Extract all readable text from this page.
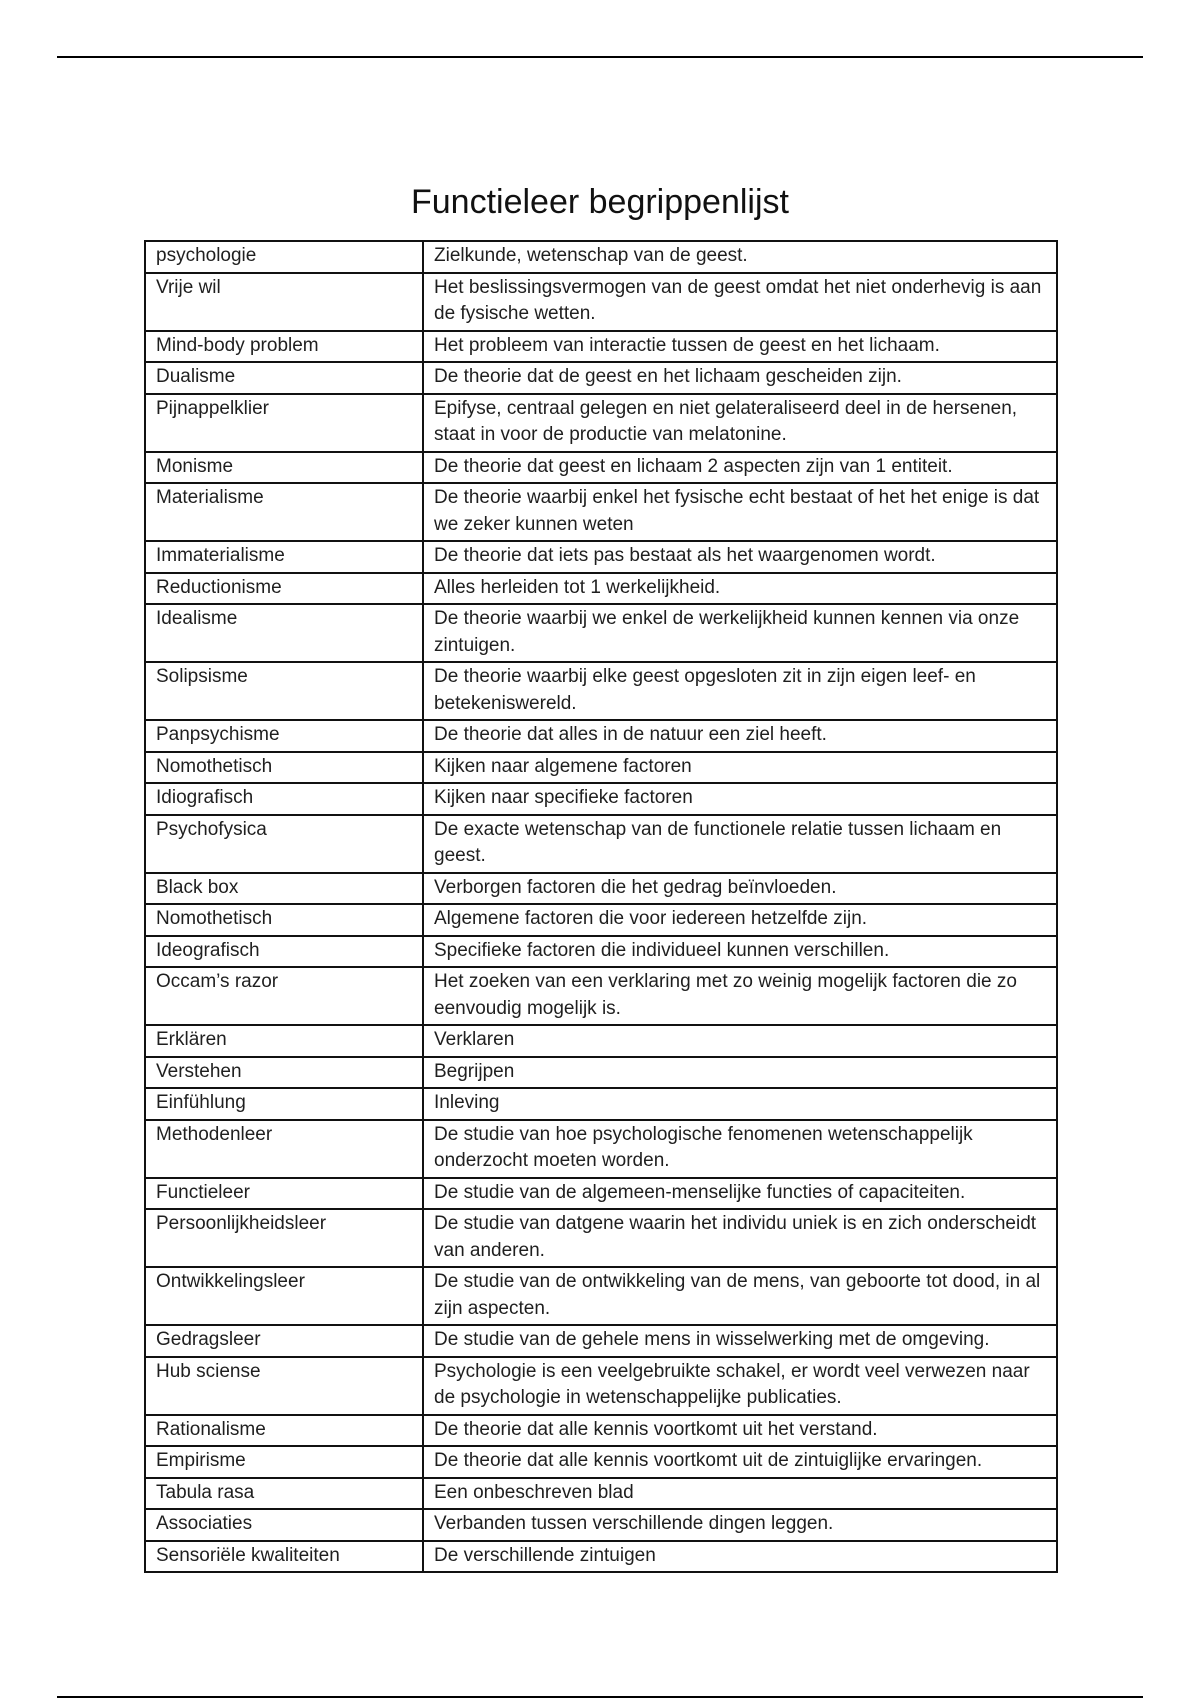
Functieleer begrippenlijst
psychologie	Zielkunde, wetenschap van de geest.
Vrije wil	Het beslissingsvermogen van de geest omdat het niet onderhevig is aan de fysische wetten.
Mind-body problem	Het probleem van interactie tussen de geest en het lichaam.
Dualisme	De theorie dat de geest en het lichaam gescheiden zijn.
Pijnappelklier	Epifyse, centraal gelegen en niet gelateraliseerd deel in de hersenen, staat in voor de productie van melatonine.
Monisme	De theorie dat geest en lichaam 2 aspecten zijn van 1 entiteit.
Materialisme	De theorie waarbij enkel het fysische echt bestaat of het het enige is dat we zeker kunnen weten
Immaterialisme	De theorie dat iets pas bestaat als het waargenomen wordt.
Reductionisme	Alles herleiden tot 1 werkelijkheid.
Idealisme	De theorie waarbij we enkel de werkelijkheid kunnen kennen via onze zintuigen.
Solipsisme	De theorie waarbij elke geest opgesloten zit in zijn eigen leef- en betekeniswereld.
Panpsychisme	De theorie dat alles in de natuur een ziel heeft.
Nomothetisch	Kijken naar algemene factoren
Idiografisch	Kijken naar specifieke factoren
Psychofysica	De exacte wetenschap van de functionele relatie tussen lichaam en geest.
Black box	Verborgen factoren die het gedrag beïnvloeden.
Nomothetisch	Algemene factoren die voor iedereen hetzelfde zijn.
Ideografisch	Specifieke factoren die individueel kunnen verschillen.
Occam’s razor	Het zoeken van een verklaring met zo weinig mogelijk factoren die zo eenvoudig mogelijk is.
Erklären	Verklaren
Verstehen	Begrijpen
Einfühlung	Inleving
Methodenleer	De studie van hoe psychologische fenomenen wetenschappelijk onderzocht moeten worden.
Functieleer	De studie van de algemeen-menselijke functies of capaciteiten.
Persoonlijkheidsleer	De studie van datgene waarin het individu uniek is en zich onderscheidt van anderen.
Ontwikkelingsleer	De studie van de ontwikkeling van de mens, van geboorte tot dood, in al zijn aspecten.
Gedragsleer	De studie van de gehele mens in wisselwerking met de omgeving.
Hub sciense	Psychologie is een veelgebruikte schakel, er wordt veel verwezen naar de psychologie in wetenschappelijke publicaties.
Rationalisme	De theorie dat alle kennis voortkomt uit het verstand.
Empirisme	De theorie dat alle kennis voortkomt uit de zintuiglijke ervaringen.
Tabula rasa	Een onbeschreven blad
Associaties	Verbanden tussen verschillende dingen leggen.
Sensoriële kwaliteiten	De verschillende zintuigen
